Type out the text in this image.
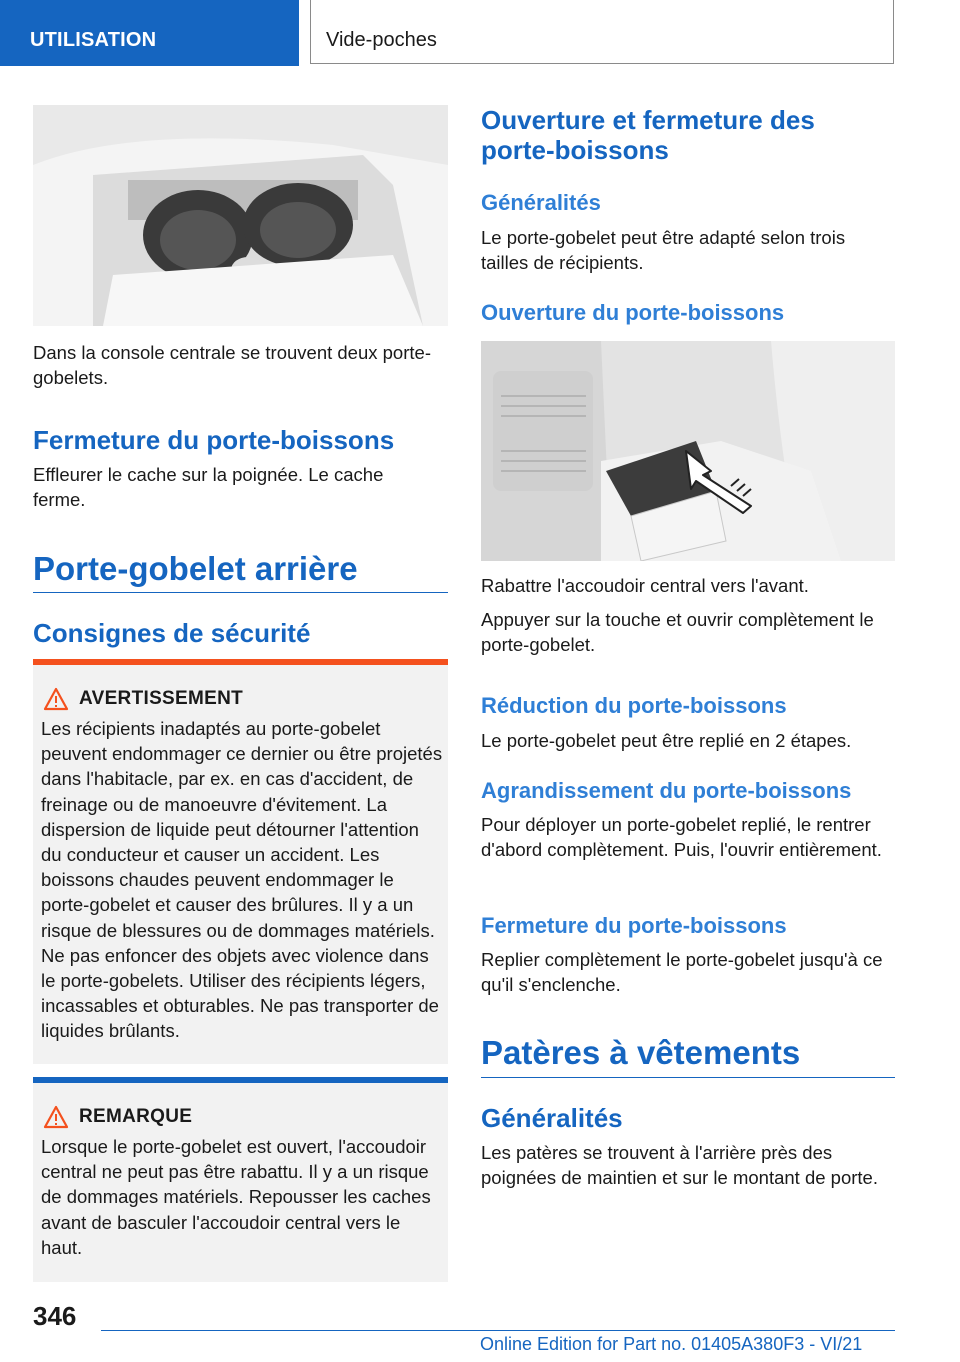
UTILISATION	Vide-poches

Dans la console centrale se trouvent deux porte-gobelets.

Fermeture du porte-boissons

Effleurer le cache sur la poignée. Le cache ferme.

Porte-gobelet arrière
Consignes de sécurité
AVERTISSEMENT

Les récipients inadaptés au porte-gobelet peuvent endommager ce dernier ou être projetés dans l'habitacle, par ex. en cas d'accident, de freinage ou de manoeuvre d'évitement. La dispersion de liquide peut détourner l'attention du conducteur et causer un accident. Les boissons chaudes peuvent endommager le porte-gobelet et causer des brûlures. Il y a un risque de blessures ou de dommages matériels. Ne pas enfoncer des objets avec violence dans le porte-gobelets. Utiliser des récipients légers, incassables et obturables. Ne pas transporter de liquides brûlants.

REMARQUE

Lorsque le porte-gobelet est ouvert, l'accoudoir central ne peut pas être rabattu. Il y a un risque de dommages matériels. Repousser les caches avant de basculer l'accoudoir central vers le haut.

Ouverture et fermeture des porte-boissons
Généralités

Le porte-gobelet peut être adapté selon trois tailles de récipients.

Ouverture du porte-boissons

Rabattre l'accoudoir central vers l'avant.

Appuyer sur la touche et ouvrir complètement le porte-gobelet.

Réduction du porte-boissons

Le porte-gobelet peut être replié en 2 étapes.

Agrandissement du porte-boissons

Pour déployer un porte-gobelet replié, le rentrer d'abord complètement. Puis, l'ouvrir entièrement.

Fermeture du porte-boissons

Replier complètement le porte-gobelet jusqu'à ce qu'il s'enclenche.

Patères à vêtements
Généralités

Les patères se trouvent à l'arrière près des poignées de maintien et sur le montant de porte.

346
Online Edition for Part no. 01405A380F3 - VI/21
